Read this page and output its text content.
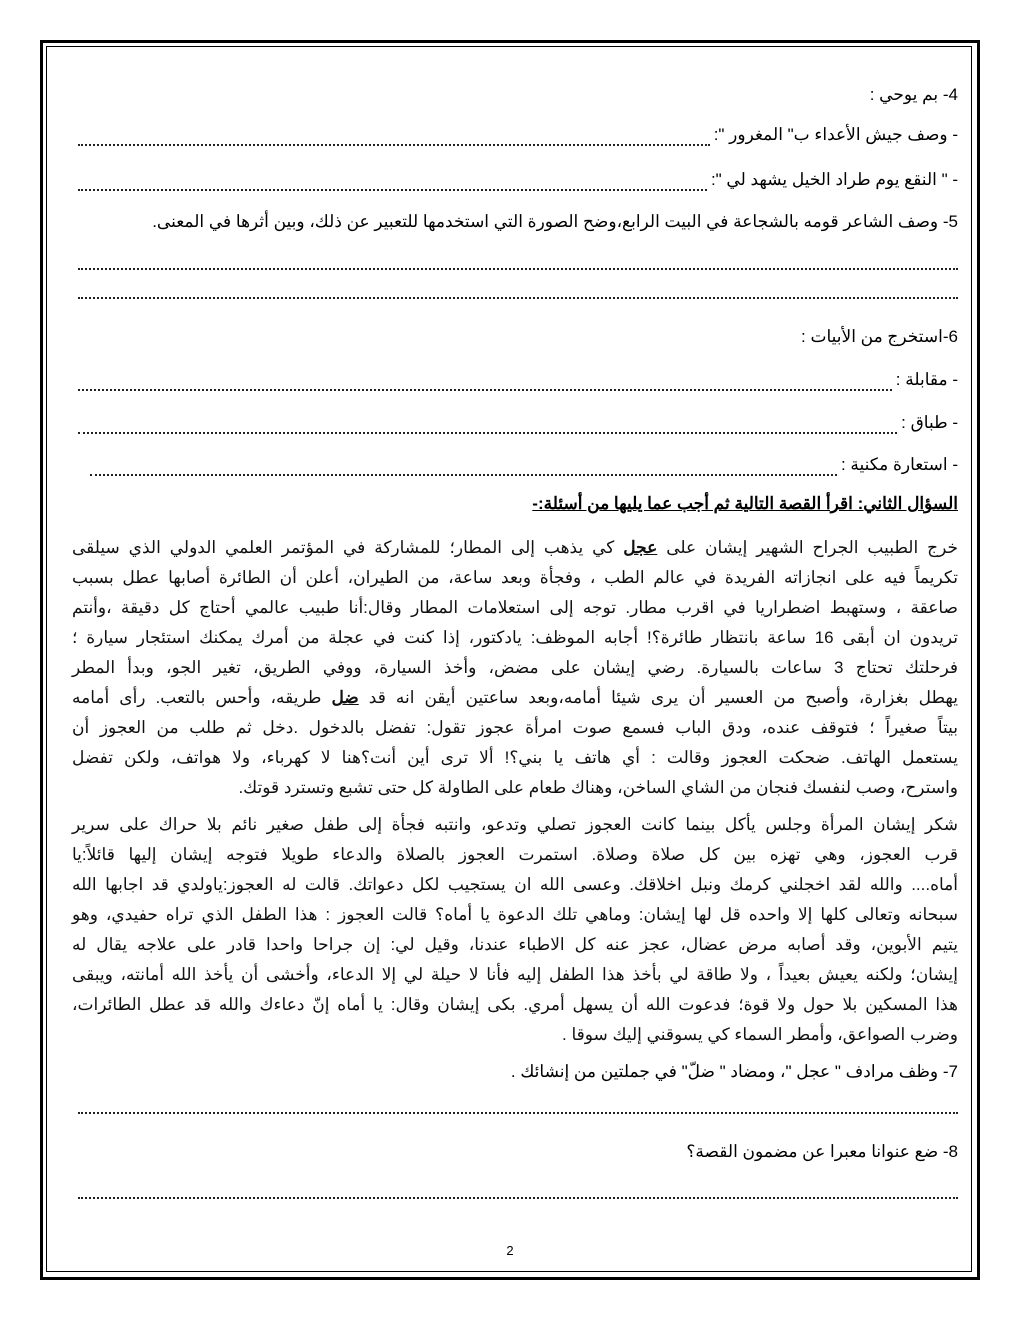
4- بم يوحي :
- وصف جيش الأعداء ب" المغرور ":
- " النقع يوم طراد الخيل يشهد لي ":
5- وصف الشاعر قومه بالشجاعة في البيت الرابع،وضح الصورة التي استخدمها للتعبير عن ذلك، وبين أثرها في المعنى.
6-استخرج من الأبيات :
- مقابلة :
- طباق :
- استعارة مكنية :
السؤال الثاني: اقرأ القصة التالية ثم أجب عما يليها من أسئلة:-
خرج الطبيب الجراح الشهير إيشان على عجل كي يذهب إلى المطار؛ للمشاركة في المؤتمر العلمي الدولي الذي سيلقى
تكريماً فيه على انجازاته الفريدة في عالم الطب ، وفجأة وبعد ساعة، من الطيران، أعلن أن الطائرة أصابها عطل بسبب
صاعقة ، وستهبط اضطراريا في اقرب مطار. توجه إلى استعلامات المطار وقال:أنا طبيب عالمي أحتاج كل دقيقة ،وأنتم
تريدون ان أبقى 16 ساعة بانتظار طائرة؟! أجابه الموظف: يادكتور، إذا كنت في عجلة من أمرك يمكنك استئجار سيارة ؛
فرحلتك تحتاج 3 ساعات بالسيارة. رضي إيشان على مضض، وأخذ السيارة، ووفي الطريق، تغير الجو، وبدأ المطر
يهطل بغزارة، وأصبح من العسير أن يرى شيئا أمامه،وبعد ساعتين أيقن انه قد ضل طريقه، وأحس بالتعب. رأى أمامه
بيتاً صغيراً ؛ فتوقف عنده، ودق الباب فسمع صوت امرأة عجوز تقول: تفضل بالدخول .دخل ثم طلب من العجوز أن
يستعمل الهاتف. ضحكت العجوز وقالت : أي هاتف يا بني؟! ألا ترى أين أنت؟هنا لا كهرباء، ولا هواتف، ولكن تفضل
واسترح، وصب لنفسك فنجان من الشاي الساخن، وهناك طعام على الطاولة كل حتى تشبع وتسترد قوتك.
شكر إيشان المرأة وجلس يأكل بينما كانت العجوز تصلي وتدعو، وانتبه فجأة إلى طفل صغير نائم بلا حراك على سرير
قرب العجوز، وهي تهزه بين كل صلاة وصلاة. استمرت العجوز بالصلاة والدعاء طويلا فتوجه إيشان إليها قائلاً:يا
أماه.... والله لقد اخجلني كرمك ونبل اخلاقك. وعسى الله ان يستجيب لكل دعواتك. قالت له العجوز:ياولدي قد اجابها الله
سبحانه وتعالى كلها إلا واحده قل لها إيشان: وماهي تلك الدعوة يا أماه؟ قالت العجوز : هذا الطفل الذي تراه حفيدي، وهو
يتيم الأبوين، وقد أصابه مرض عضال، عجز عنه كل الاطباء عندنا، وقيل لي: إن جراحا واحدا قادر على علاجه يقال له
إيشان؛ ولكنه يعيش بعيداً ، ولا طاقة لي بأخذ هذا الطفل إليه فأنا لا حيلة لي إلا الدعاء، وأخشى أن يأخذ الله أمانته، ويبقى
هذا المسكين بلا حول ولا قوة؛ فدعوت الله أن يسهل أمري. بكى إيشان وقال: يا أماه إنّ دعاءك والله قد عطل الطائرات،
وضرب الصواعق، وأمطر السماء كي يسوقني إليك سوقا .
7- وظف مرادف " عجل "، ومضاد " ضلّ" في جملتين من إنشائك .
8- ضع عنوانا معبرا عن مضمون القصة؟
2
